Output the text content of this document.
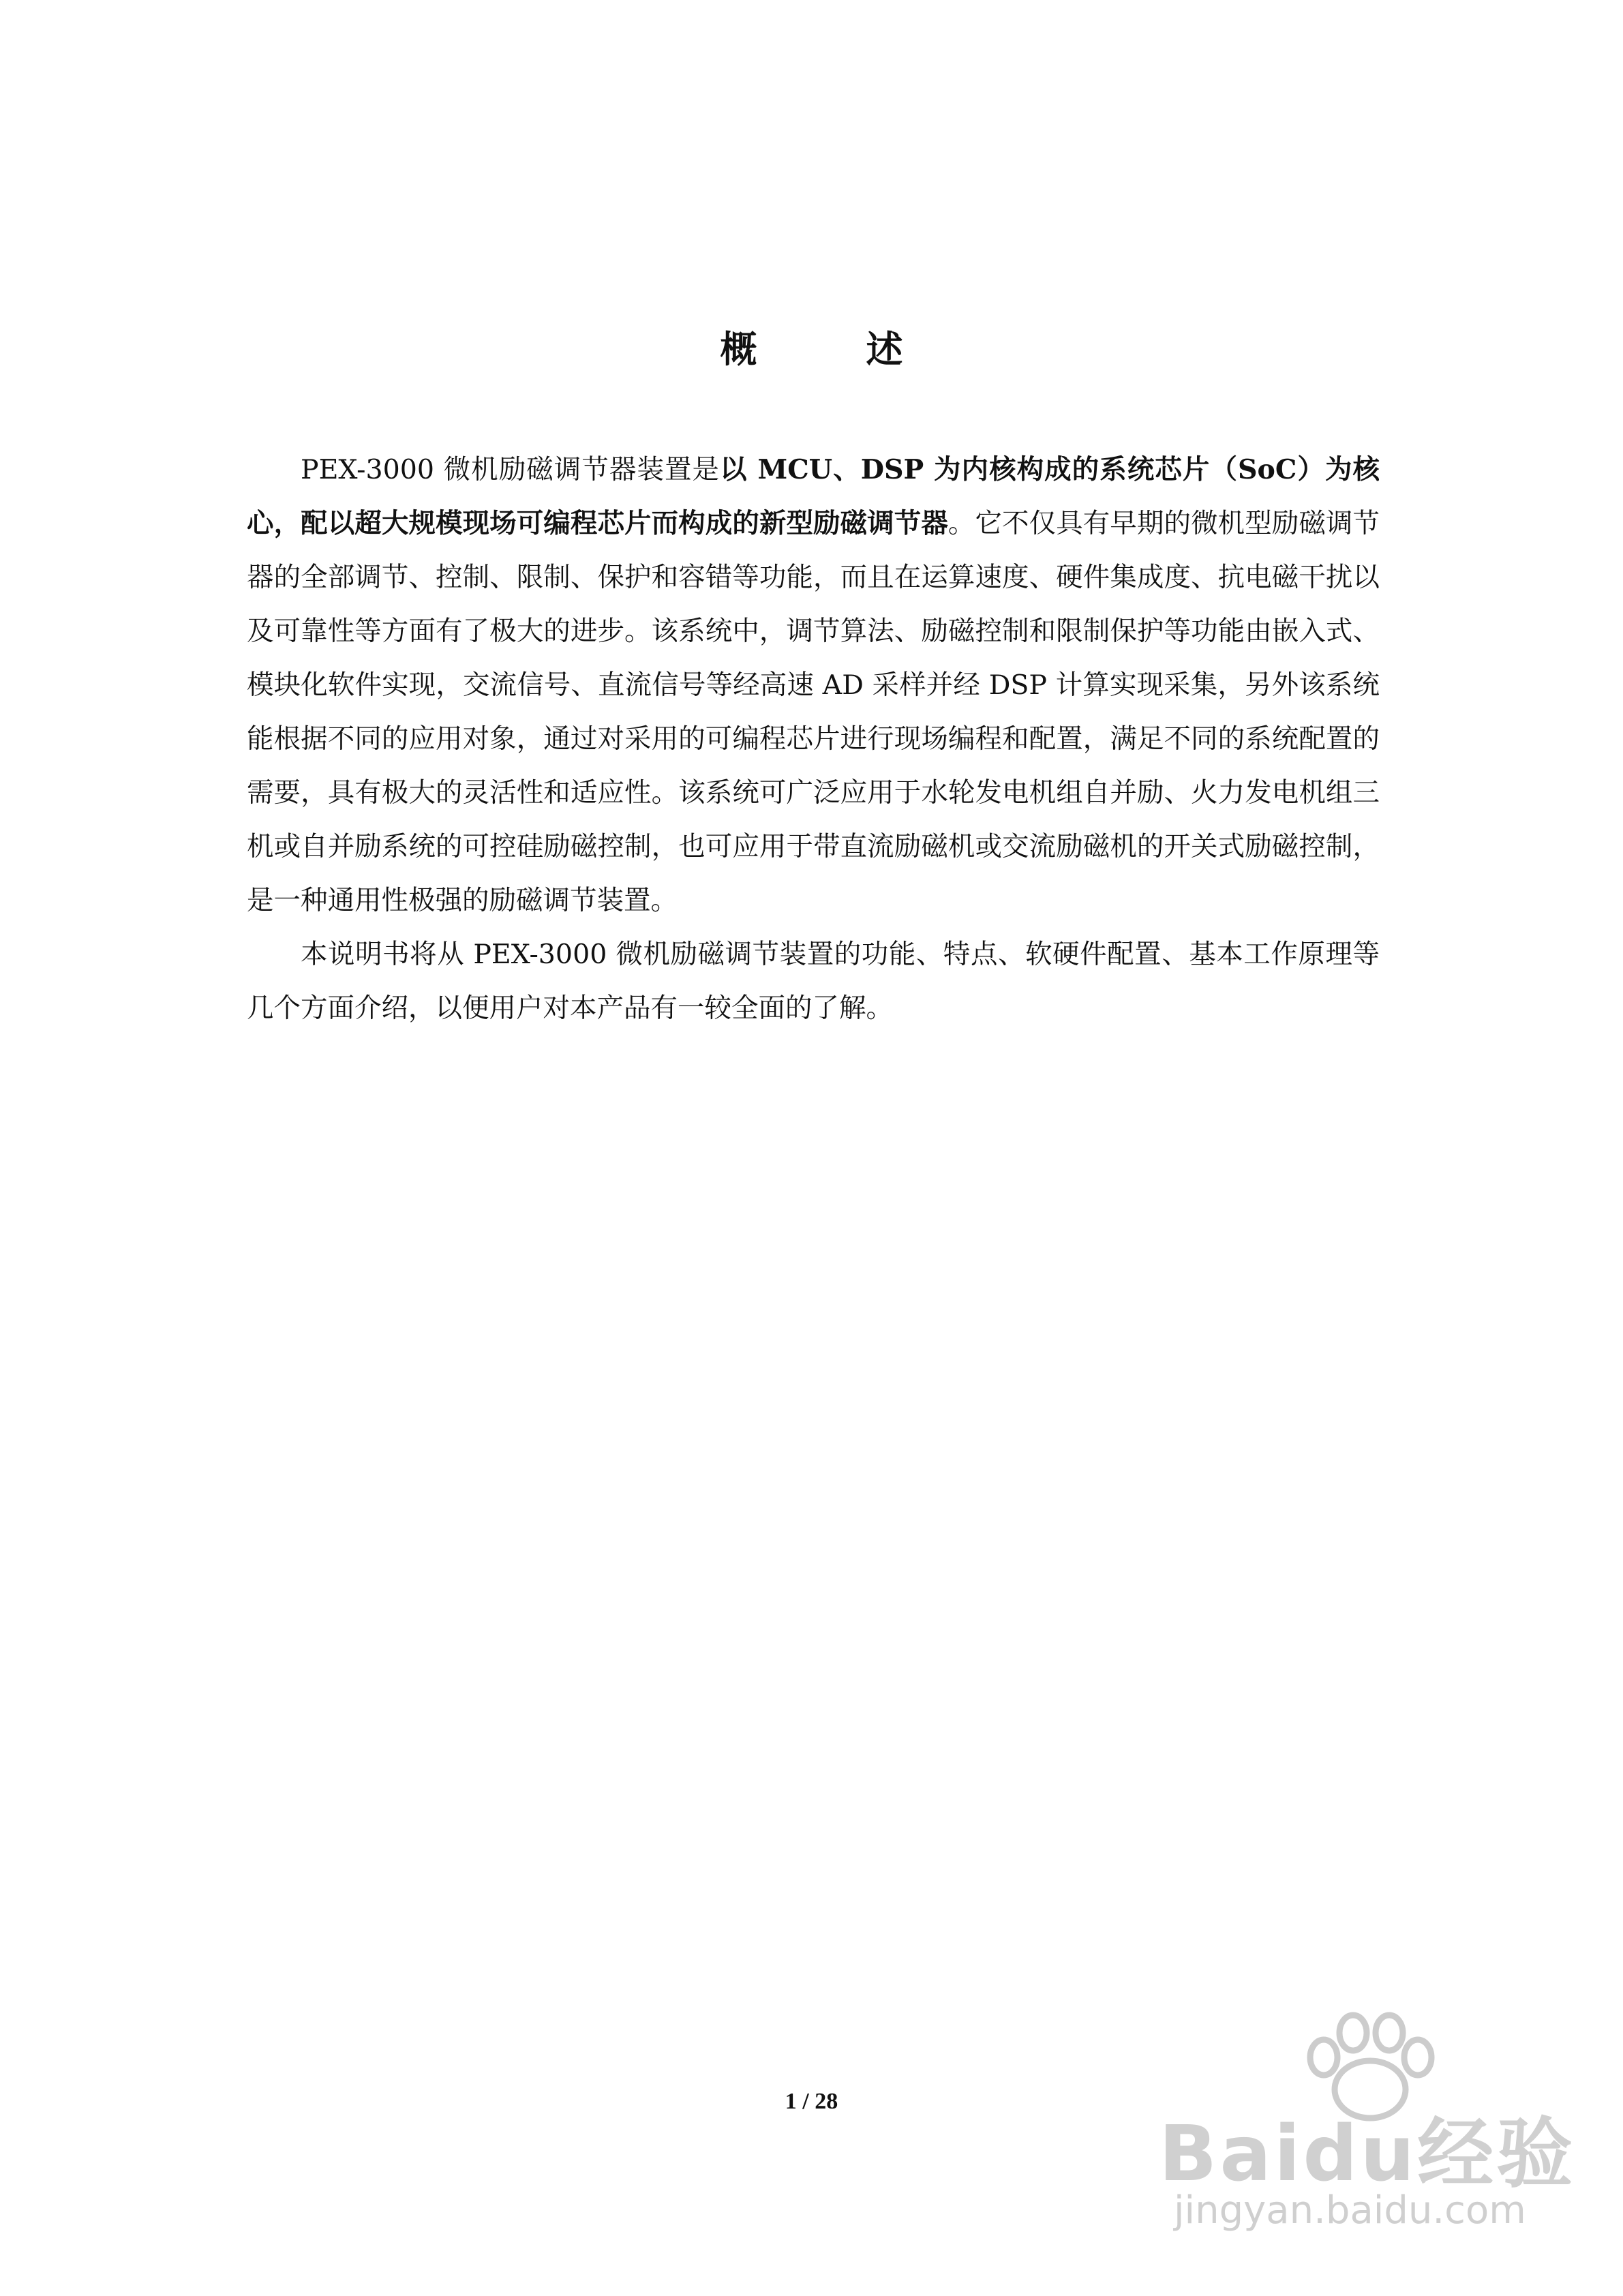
概述

PEX-3000 微机励磁调节器装置是以 MCU、DSP 为内核构成的系统芯片（SoC）为核心，配以超大规模现场可编程芯片而构成的新型励磁调节器。它不仅具有早期的微机型励磁调节器的全部调节、控制、限制、保护和容错等功能，而且在运算速度、硬件集成度、抗电磁干扰以及可靠性等方面有了极大的进步。该系统中，调节算法、励磁控制和限制保护等功能由嵌入式、模块化软件实现，交流信号、直流信号等经高速 AD 采样并经 DSP 计算实现采集，另外该系统能根据不同的应用对象，通过对采用的可编程芯片进行现场编程和配置，满足不同的系统配置的需要，具有极大的灵活性和适应性。该系统可广泛应用于水轮发电机组自并励、火力发电机组三机或自并励系统的可控硅励磁控制，也可应用于带直流励磁机或交流励磁机的开关式励磁控制，是一种通用性极强的励磁调节装置。

本说明书将从 PEX-3000 微机励磁调节装置的功能、特点、软硬件配置、基本工作原理等几个方面介绍，以便用户对本产品有一较全面的了解。

1 / 28
Baidu经验
jingyan.baidu.com
